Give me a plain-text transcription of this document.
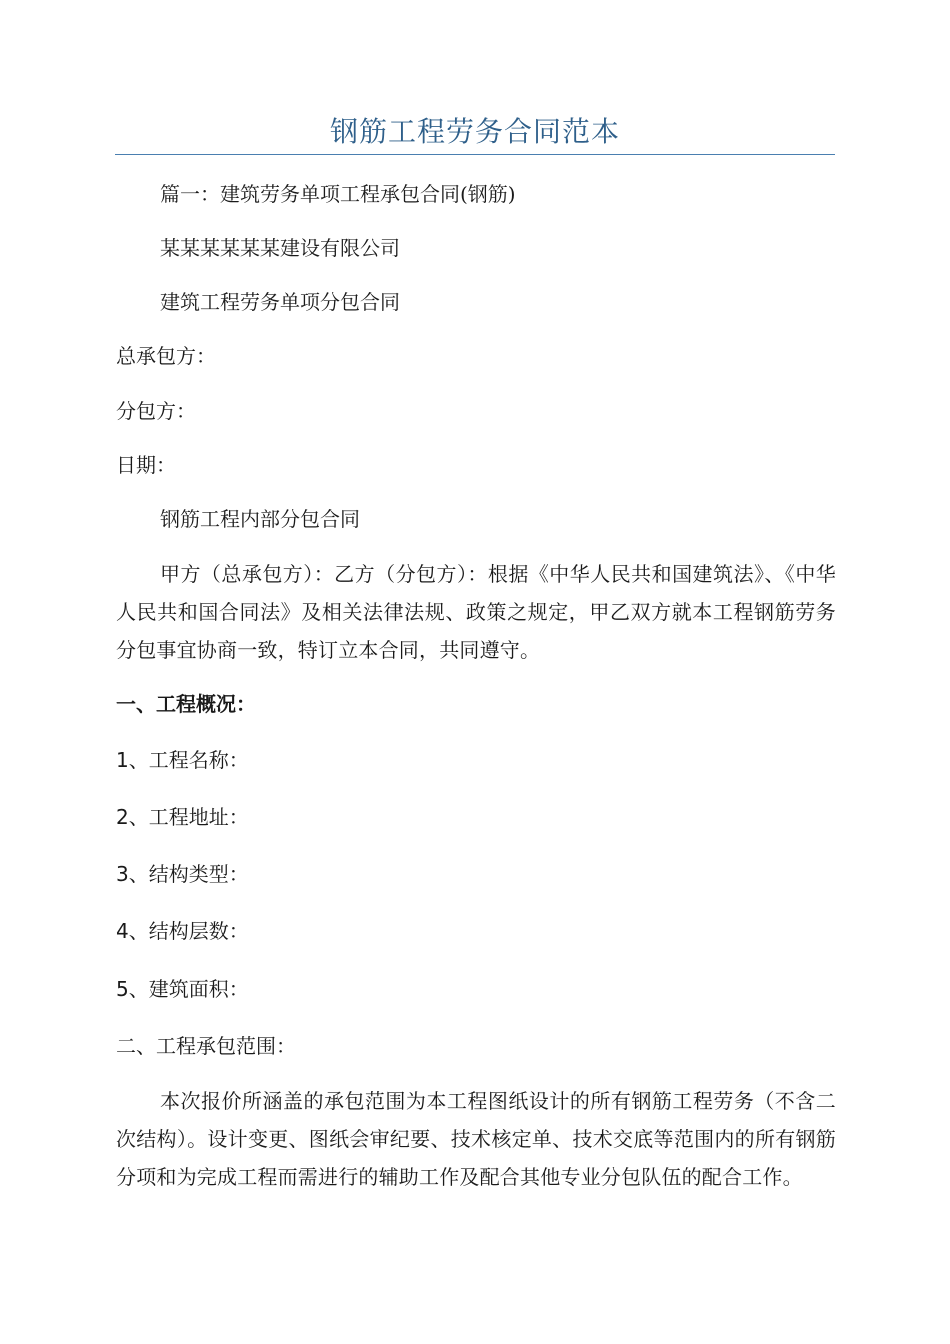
钢筋工程劳务合同范本
篇一：建筑劳务单项工程承包合同(钢筋)
某某某某某某建设有限公司
建筑工程劳务单项分包合同
总承包方：
分包方：
日期：
钢筋工程内部分包合同
甲方（总承包方）：乙方（分包方）：根据《中华人民共和国建筑法》、《中华人民共和国合同法》及相关法律法规、政策之规定，甲乙双方就本工程钢筋劳务分包事宜协商一致，特订立本合同，共同遵守。
一、工程概况：
1、工程名称：
2、工程地址：
3、结构类型：
4、结构层数：
5、建筑面积：
二、工程承包范围：
本次报价所涵盖的承包范围为本工程图纸设计的所有钢筋工程劳务（不含二次结构）。设计变更、图纸会审纪要、技术核定单、技术交底等范围内的所有钢筋分项和为完成工程而需进行的辅助工作及配合其他专业分包队伍的配合工作。
